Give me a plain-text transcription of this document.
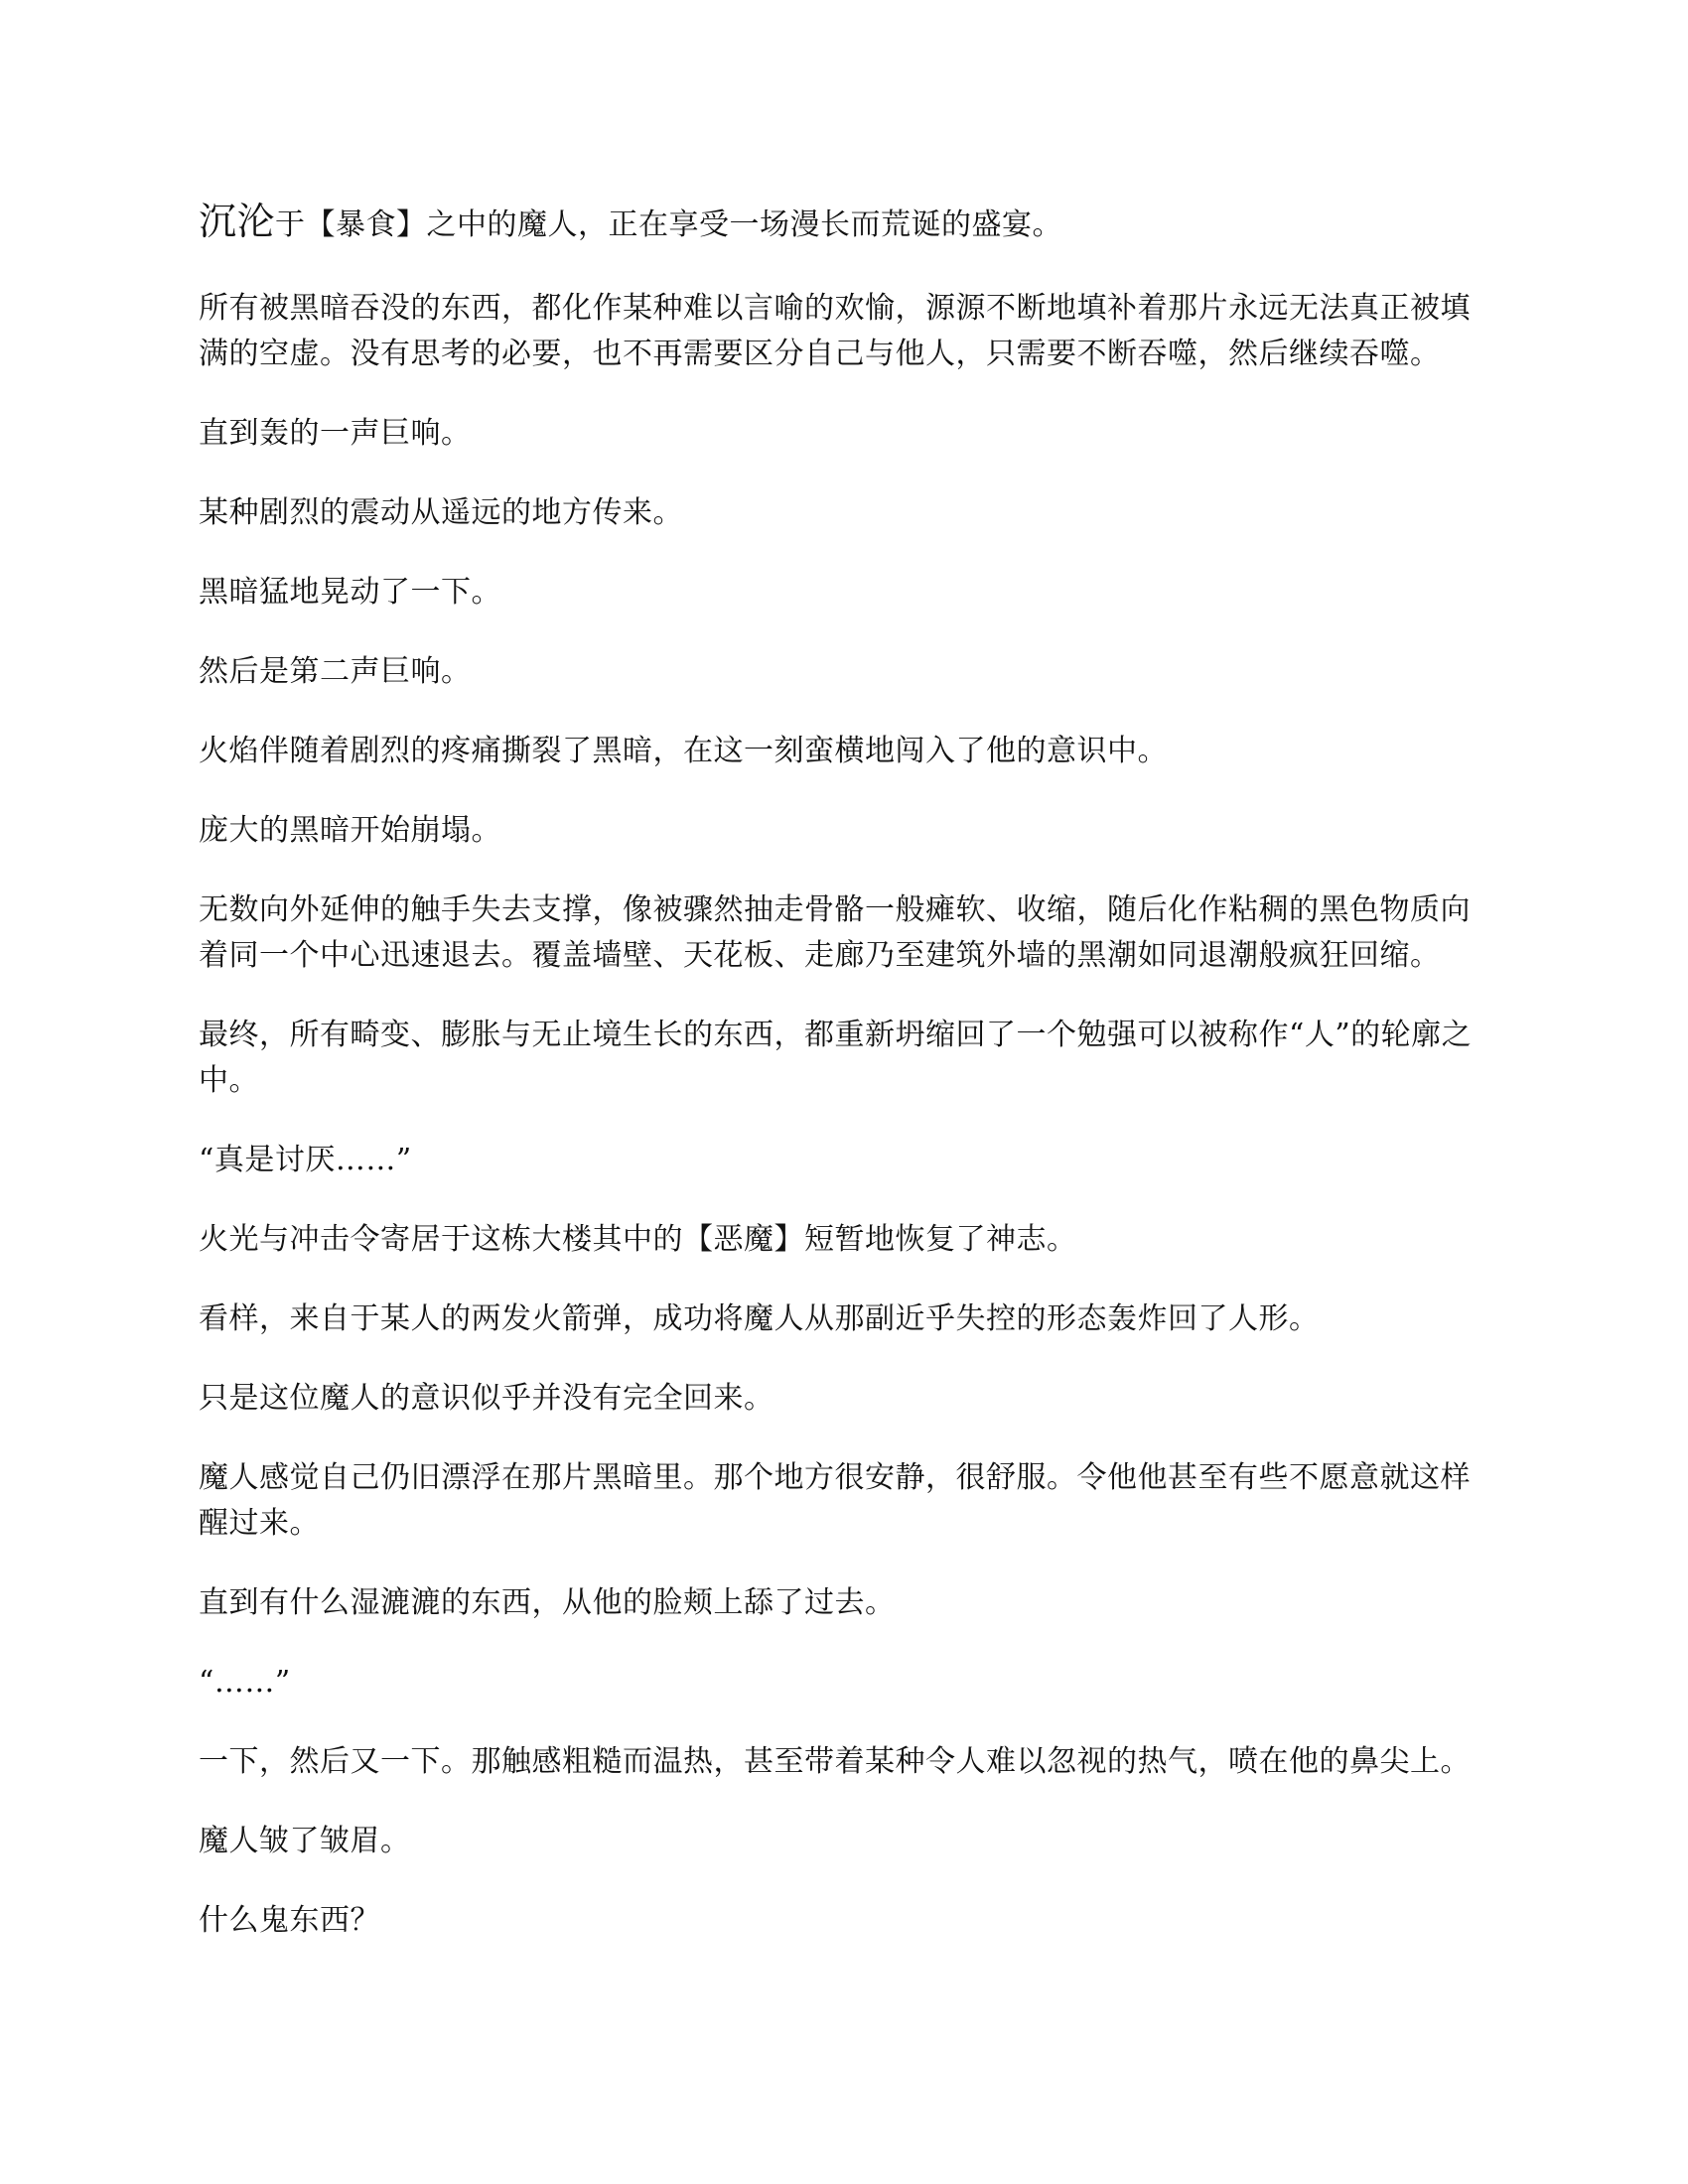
沉沦于【暴食】之中的魔人，正在享受一场漫长而荒诞的盛宴。

所有被黑暗吞没的东西，都化作某种难以言喻的欢愉，源源不断地填补着那片永远无法真正被填满的空虚。没有思考的必要，也不再需要区分自己与他人，只需要不断吞噬，然后继续吞噬。

直到轰的一声巨响。

某种剧烈的震动从遥远的地方传来。

黑暗猛地晃动了一下。

然后是第二声巨响。

火焰伴随着剧烈的疼痛撕裂了黑暗，在这一刻蛮横地闯入了他的意识中。

庞大的黑暗开始崩塌。

无数向外延伸的触手失去支撑，像被骤然抽走骨骼一般瘫软、收缩，随后化作粘稠的黑色物质向着同一个中心迅速退去。覆盖墙壁、天花板、走廊乃至建筑外墙的黑潮如同退潮般疯狂回缩。

最终，所有畸变、膨胀与无止境生长的东西，都重新坍缩回了一个勉强可以被称作“人”的轮廓之中。

“真是讨厌……”

火光与冲击令寄居于这栋大楼其中的【恶魔】短暂地恢复了神志。

看样，来自于某人的两发火箭弹，成功将魔人从那副近乎失控的形态轰炸回了人形。

只是这位魔人的意识似乎并没有完全回来。

魔人感觉自己仍旧漂浮在那片黑暗里。那个地方很安静，很舒服。令他他甚至有些不愿意就这样醒过来。

直到有什么湿漉漉的东西，从他的脸颊上舔了过去。

“……”

一下，然后又一下。那触感粗糙而温热，甚至带着某种令人难以忽视的热气，喷在他的鼻尖上。

魔人皱了皱眉。

什么鬼东西？
